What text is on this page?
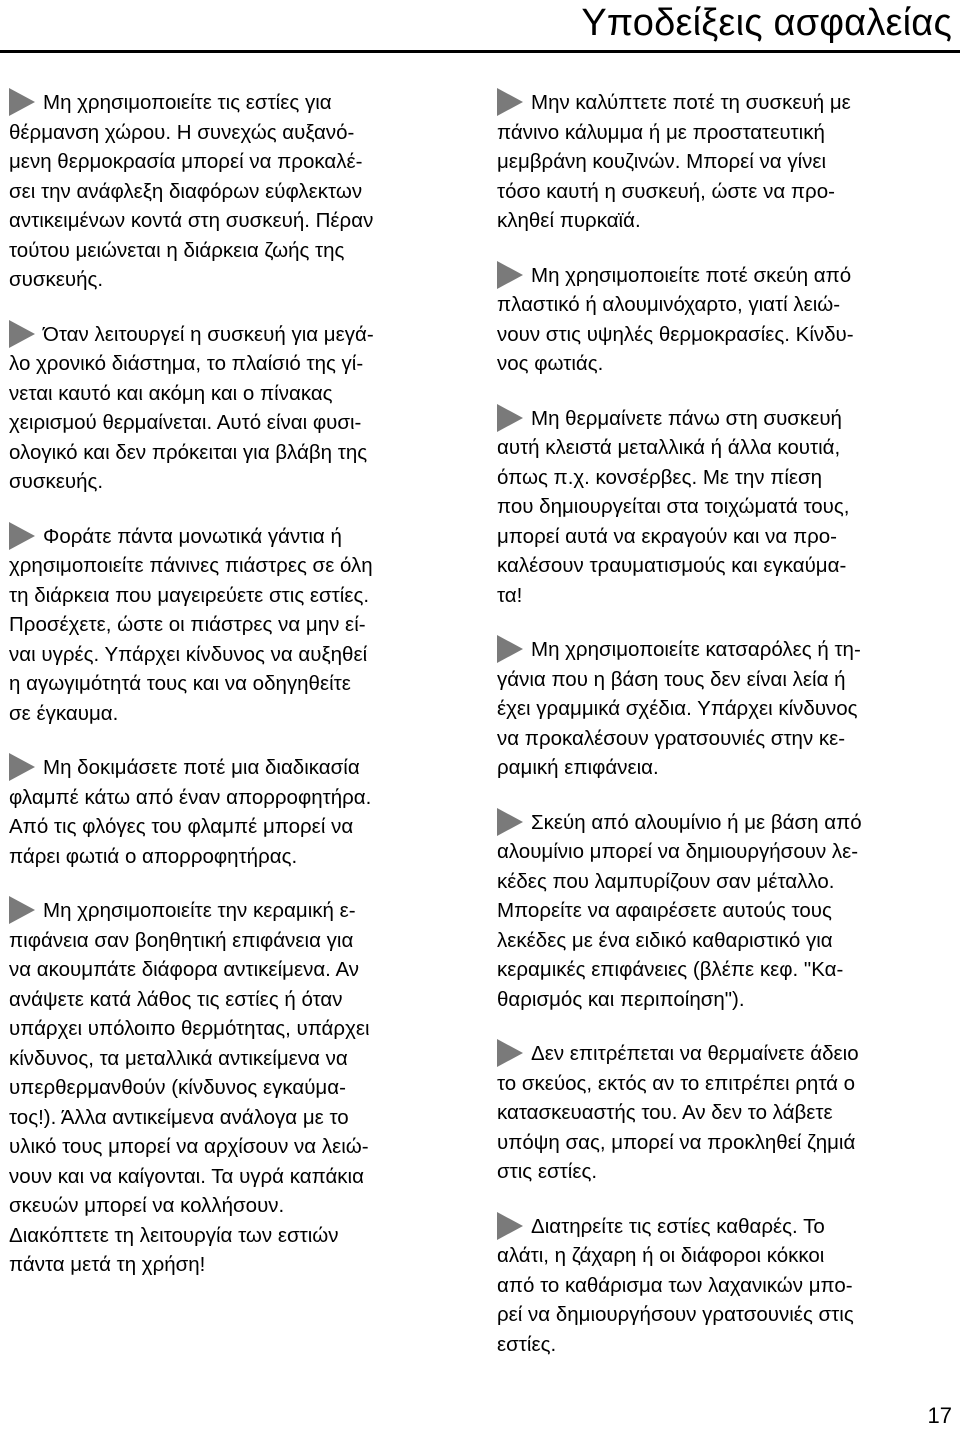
Υποδείξεις ασφαλείας

Μη χρησιμοποιείτε τις εστίες για
θέρμανση χώρου. Η συνεχώς αυξανό-
μενη θερμοκρασία μπορεί να προκαλέ-
σει την ανάφλεξη διαφόρων εύφλεκτων
αντικειμένων κοντά στη συσκευή. Πέραν
τούτου μειώνεται η διάρκεια ζωής της
συσκευής.

Όταν λειτουργεί η συσκευή για μεγά-
λο χρονικό διάστημα, το πλαίσιό της γί-
νεται καυτό και ακόμη και ο πίνακας
χειρισμού θερμαίνεται. Αυτό είναι φυσι-
ολογικό και δεν πρόκειται για βλάβη της
συσκευής.

Φοράτε πάντα μονωτικά γάντια ή
χρησιμοποιείτε πάνινες πιάστρες σε όλη
τη διάρκεια που μαγειρεύετε στις εστίες.
Προσέχετε, ώστε οι πιάστρες να μην εί-
ναι υγρές. Υπάρχει κίνδυνος να αυξηθεί
η αγωγιμότητά τους και να οδηγηθείτε
σε έγκαυμα.

Μη δοκιμάσετε ποτέ μια διαδικασία
φλαμπέ κάτω από έναν απορροφητήρα.
Από τις φλόγες του φλαμπέ μπορεί να
πάρει φωτιά ο απορροφητήρας.

Μη χρησιμοποιείτε την κεραμική ε-
πιφάνεια σαν βοηθητική επιφάνεια για
να ακουμπάτε διάφορα αντικείμενα. Αν
ανάψετε κατά λάθος τις εστίες ή όταν
υπάρχει υπόλοιπο θερμότητας, υπάρχει
κίνδυνος, τα μεταλλικά αντικείμενα να
υπερθερμανθούν (κίνδυνος εγκαύμα-
τος!). Άλλα αντικείμενα ανάλογα με το
υλικό τους μπορεί να αρχίσουν να λειώ-
νουν και να καίγονται. Τα υγρά καπάκια
σκευών μπορεί να κολλήσουν.
Διακόπτετε τη λειτουργία των εστιών
πάντα μετά τη χρήση!

Μην καλύπτετε ποτέ τη συσκευή με
πάνινο κάλυμμα ή με προστατευτική
μεμβράνη κουζινών. Μπορεί να γίνει
τόσο καυτή η συσκευή, ώστε να προ-
κληθεί πυρκαϊά.

Μη χρησιμοποιείτε ποτέ σκεύη από
πλαστικό ή αλουμινόχαρτο, γιατί λειώ-
νουν στις υψηλές θερμοκρασίες. Κίνδυ-
νος φωτιάς.

Μη θερμαίνετε πάνω στη συσκευή
αυτή κλειστά μεταλλικά ή άλλα κουτιά,
όπως π.χ. κονσέρβες. Με την πίεση
που δημιουργείται στα τοιχώματά τους,
μπορεί αυτά να εκραγούν και να προ-
καλέσουν τραυματισμούς και εγκαύμα-
τα!

Μη χρησιμοποιείτε κατσαρόλες ή τη-
γάνια που η βάση τους δεν είναι λεία ή
έχει γραμμικά σχέδια. Υπάρχει κίνδυνος
να προκαλέσουν γρατσουνιές στην κε-
ραμική επιφάνεια.

Σκεύη από αλουμίνιο ή με βάση από
αλουμίνιο μπορεί να δημιουργήσουν λε-
κέδες που λαμπυρίζουν σαν μέταλλο.
Μπορείτε να αφαιρέσετε αυτούς τους
λεκέδες με ένα ειδικό καθαριστικό για
κεραμικές επιφάνειες (βλέπε κεφ. "Κα-
θαρισμός και περιποίηση").

Δεν επιτρέπεται να θερμαίνετε άδειο
το σκεύος, εκτός αν το επιτρέπει ρητά ο
κατασκευαστής του. Αν δεν το λάβετε
υπόψη σας, μπορεί να προκληθεί ζημιά
στις εστίες.

Διατηρείτε τις εστίες καθαρές. Το
αλάτι, η ζάχαρη ή οι διάφοροι κόκκοι
από το καθάρισμα των λαχανικών μπο-
ρεί να δημιουργήσουν γρατσουνιές στις
εστίες.

17
